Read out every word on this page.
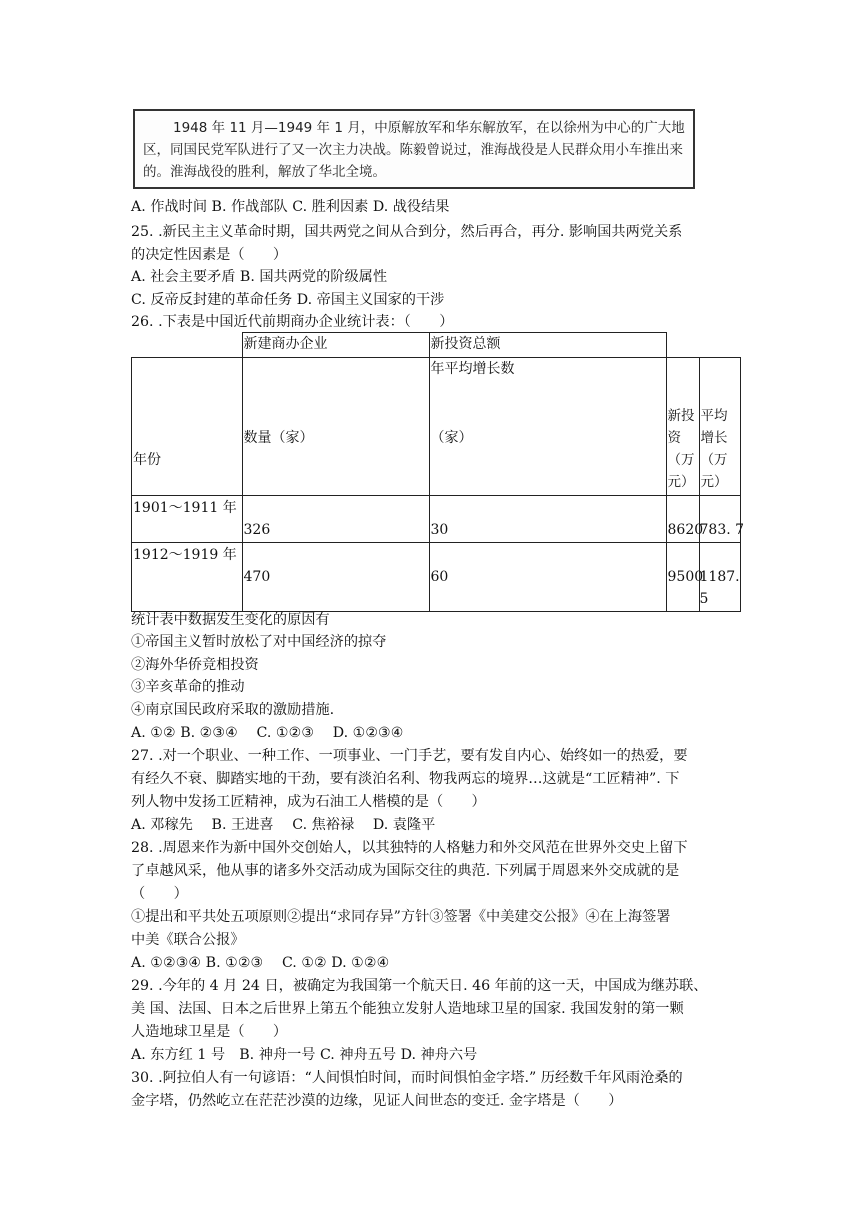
1948 年 11 月—1949 年 1 月，中原解放军和华东解放军，在以徐州为中心的广大地区，同国民党军队进行了又一次主力决战。陈毅曾说过，淮海战役是人民群众用小车推出来的。淮海战役的胜利，解放了华北全境。
A. 作战时间 B. 作战部队 C. 胜利因素 D. 战役结果
25. .新民主主义革命时期，国共两党之间从合到分，然后再合，再分. 影响国共两党关系
的决定性因素是（　　）
A. 社会主要矛盾 B. 国共两党的阶级属性
C. 反帝反封建的革命任务 D. 帝国主义国家的干涉
26. .下表是中国近代前期商办企业统计表：（　　）

	新建商办企业	新投资总额		

年份	数量（家）	年平均增长数
（家）	新投
资
（万
元）	平均
增长
（万
元）

1901～1911 年	326	30	8620	783. 7

1912～1919 年	470	60	9500	1187.
5
统计表中数据发生变化的原因有
①帝国主义暂时放松了对中国经济的掠夺
②海外华侨竞相投资
③辛亥革命的推动
④南京国民政府采取的激励措施.
A. ①② B. ②③④　 C. ①②③　 D. ①②③④
27. .对一个职业、一种工作、一项事业、一门手艺，要有发自内心、始终如一的热爱，要
有经久不衰、脚踏实地的干劲，要有淡泊名利、物我两忘的境界…这就是“工匠精神”. 下
列人物中发扬工匠精神，成为石油工人楷模的是（　　）
A. 邓稼先　 B. 王进喜　 C. 焦裕禄　 D. 袁隆平
28. .周恩来作为新中国外交创始人，以其独特的人格魅力和外交风范在世界外交史上留下
了卓越风采，他从事的诸多外交活动成为国际交往的典范. 下列属于周恩来外交成就的是
（　　）
①提出和平共处五项原则②提出“求同存异”方针③签署《中美建交公报》④在上海签署
中美《联合公报》
A. ①②③④ B. ①②③　 C. ①② D. ①②④
29. .今年的 4 月 24 日，被确定为我国第一个航天日. 46 年前的这一天，中国成为继苏联、
美 国、法国、日本之后世界上第五个能独立发射人造地球卫星的国家. 我国发射的第一颗
人造地球卫星是（　　）
A. 东方红 1 号　B. 神舟一号 C. 神舟五号 D. 神舟六号
30. .阿拉伯人有一句谚语：“人间惧怕时间，而时间惧怕金字塔.” 历经数千年风雨沧桑的
金字塔，仍然屹立在茫茫沙漠的边缘，见证人间世态的变迁. 金字塔是（　　）
